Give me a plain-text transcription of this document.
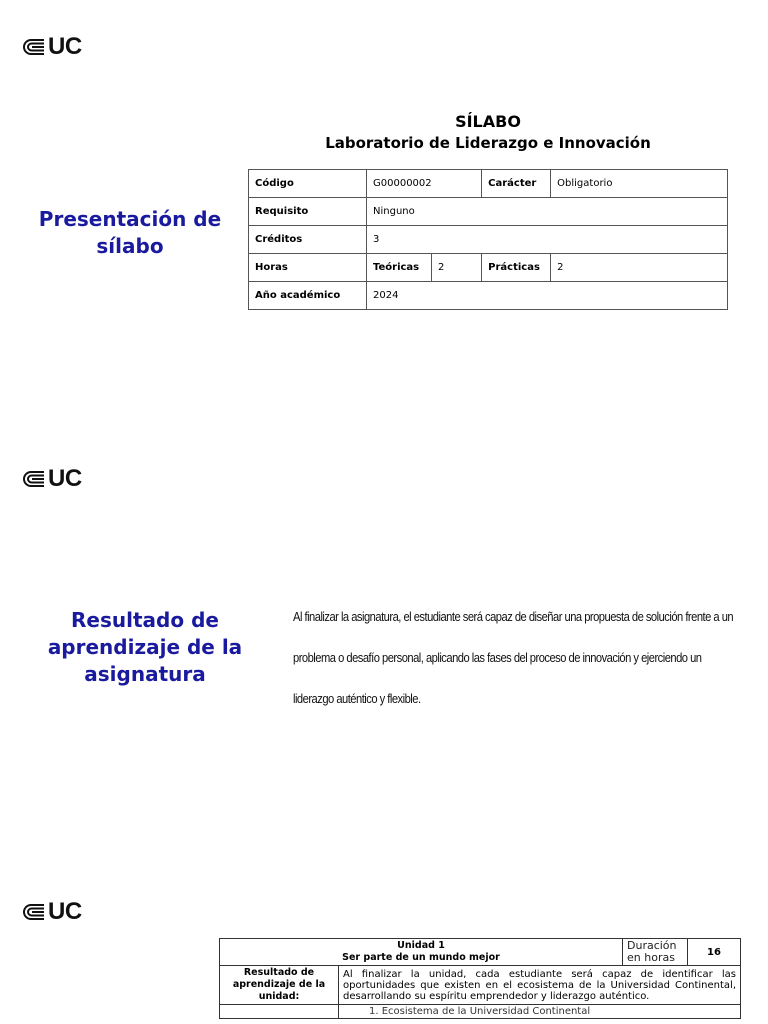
UC
SÍLABO
Laboratorio de Liderazgo e Innovación
Presentación de sílabo
Código	G00000002		Carácter	Obligatorio
Requisito	Ninguno			
Créditos	3			
Horas	Teóricas	2	Prácticas	2
Año académico	2024			
UC
Resultado de aprendizaje de la asignatura
Al finalizar la asignatura, el estudiante será capaz de diseñar una propuesta de solución frente a un problema o desafío personal, aplicando las fases del proceso de innovación y ejerciendo un liderazgo auténtico y flexible.
UC
Unidad 1
Ser parte de un mundo mejor		Duración en horas	16
Resultado de aprendizaje de la unidad:	Al finalizar la unidad, cada estudiante será capaz de identificar las oportunidades que existen en el ecosistema de la Universidad Continental, desarrollando su espíritu emprendedor y liderazgo auténtico.		
	1. Ecosistema de la Universidad Continental		
